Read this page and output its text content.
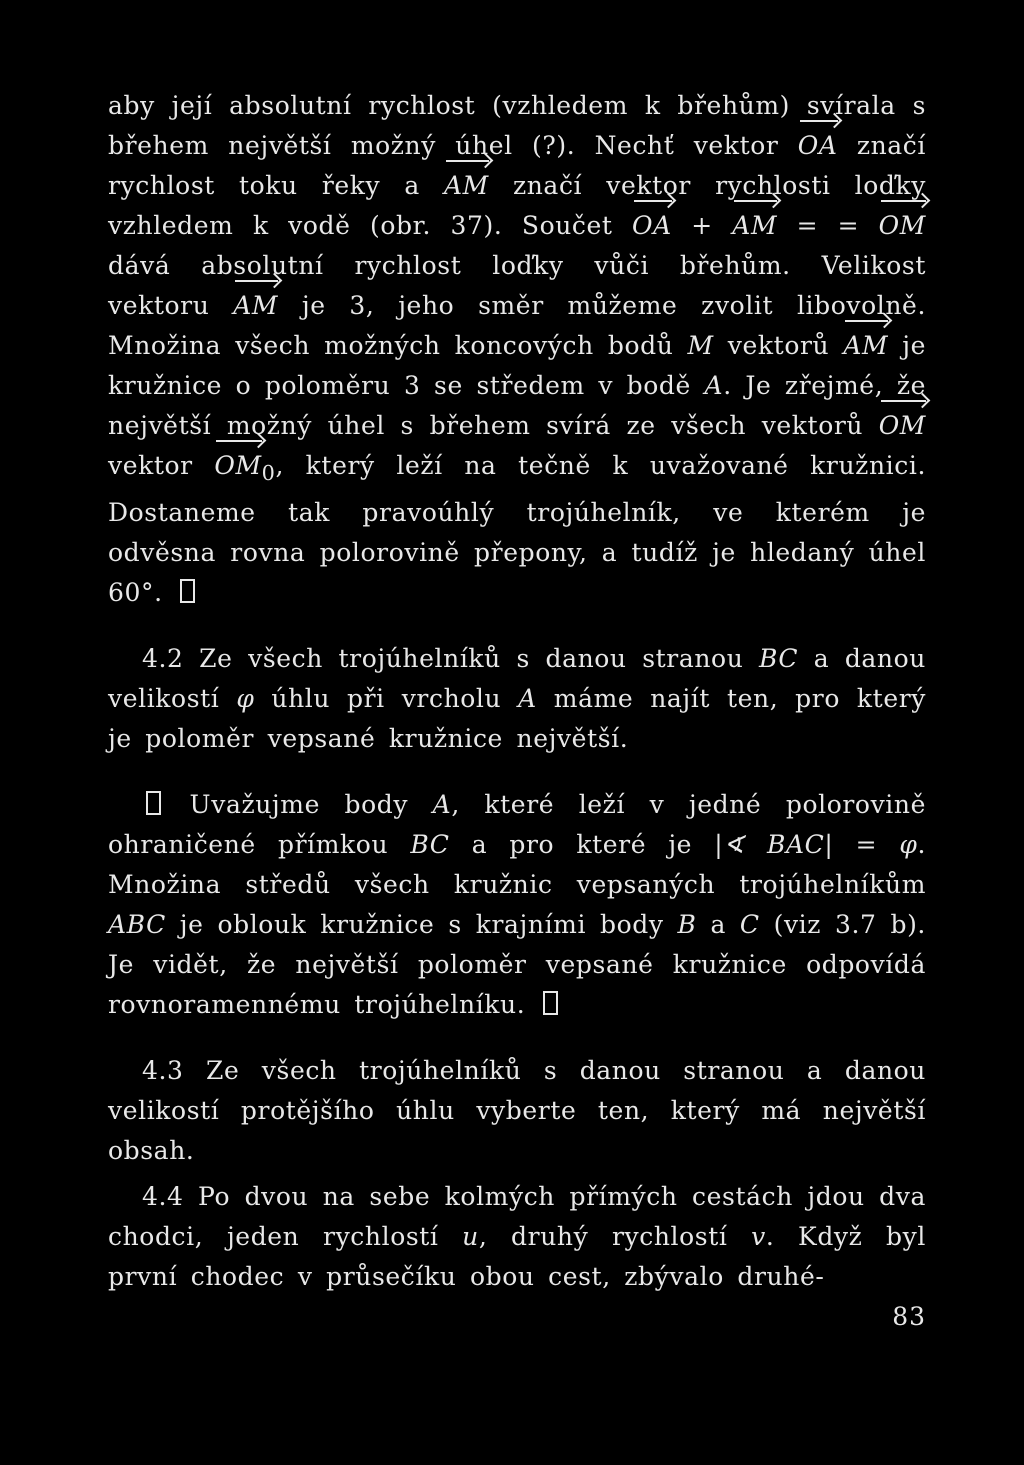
aby její absolutní rychlost (vzhledem k břehům) svírala s břehem největší možný úhel (?). Nechť vektor OA značí rychlost toku řeky a AM značí vektor rychlosti loďky vzhledem k vodě (obr. 37). Součet OA + AM = = OM dává absolutní rychlost loďky vůči břehům. Velikost vektoru AM je 3, jeho směr můžeme zvolit libovolně. Množina všech možných koncových bodů M vektorů AM je kružnice o poloměru 3 se středem v bodě A. Je zřejmé, že největší možný úhel s břehem svírá ze všech vektorů OM vektor $OM_0$, který leží na tečně k uvažované kružnici. Dostaneme tak pravoúhlý trojúhelník, ve kterém je odvěsna rovna polorovině přepony, a tudíž je hledaný úhel 60°.

4.2 Ze všech trojúhelníků s danou stranou BC a danou velikostí φ úhlu při vrcholu A máme najít ten, pro který je poloměr vepsané kružnice největší.

Uvažujme body A, které leží v jedné polorovině ohraničené přímkou BC a pro které je |∢ BAC| = φ. Množina středů všech kružnic vepsaných trojúhelníkům ABC je oblouk kružnice s krajními body B a C (viz 3.7 b). Je vidět, že největší poloměr vepsané kružnice odpovídá rovnoramennému trojúhelníku.

4.3 Ze všech trojúhelníků s danou stranou a danou velikostí protějšího úhlu vyberte ten, který má největší obsah.

4.4 Po dvou na sebe kolmých přímých cestách jdou dva chodci, jeden rychlostí u, druhý rychlostí v. Když byl první chodec v průsečíku obou cest, zbývalo druhé-

83
